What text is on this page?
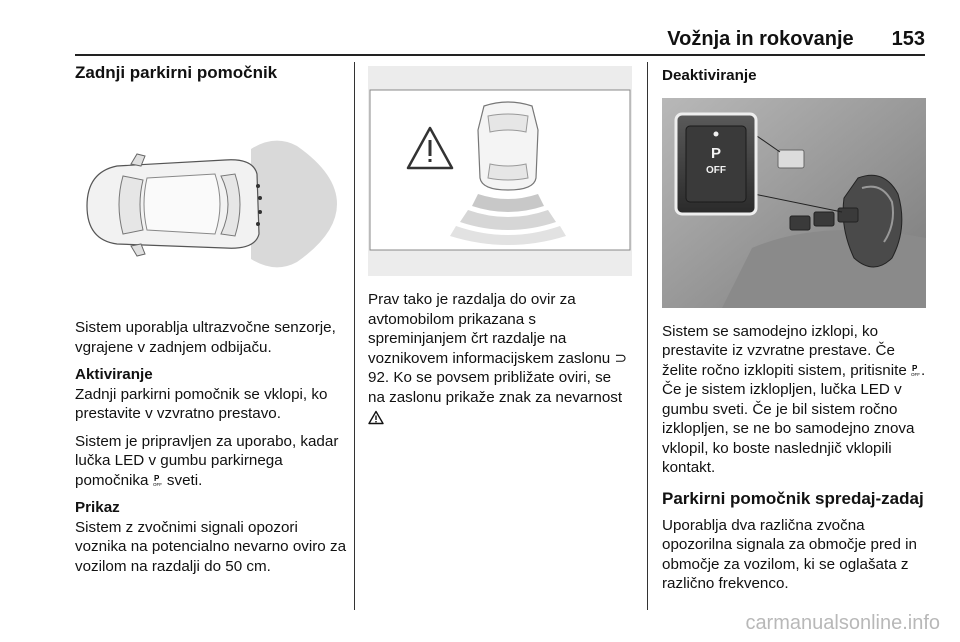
Vožnja in rokovanje 153
Zadnji parkirni pomočnik
Sistem uporablja ultrazvočne senzorje, vgrajene v zadnjem odbijaču.
Aktiviranje
Zadnji parkirni pomočnik se vklopi, ko prestavite v vzvratno prestavo.
Sistem je pripravljen za uporabo, kadar lučka LED v gumbu parkirnega pomočnika P
OFF sveti.
Prikaz
Sistem z zvočnimi signali opozori voznika na potencialno nevarno oviro za vozilom na razdalji do 50 cm.
Prav tako je razdalja do ovir za avtomobilom prikazana s spreminjanjem črt razdalje na voznikovem informacijskem zaslonu ⊃ 92. Ko se povsem približate oviri, se na zaslonu prikaže znak za nevarnost
Deaktiviranje
P
OFF
Sistem se samodejno izklopi, ko prestavite iz vzvratne prestave. Če želite ročno izklopiti sistem, pritisnite P
OFF . Če je sistem izklopljen, lučka LED v gumbu sveti. Če je bil sistem ročno izklopljen, se ne bo samodejno znova vklopil, ko boste naslednjič vklopili kontakt.
Parkirni pomočnik spredaj-zadaj
Uporablja dva različna zvočna opozorilna signala za območje pred in območje za vozilom, ki se oglašata z različno frekvenco.
carmanualsonline.info
